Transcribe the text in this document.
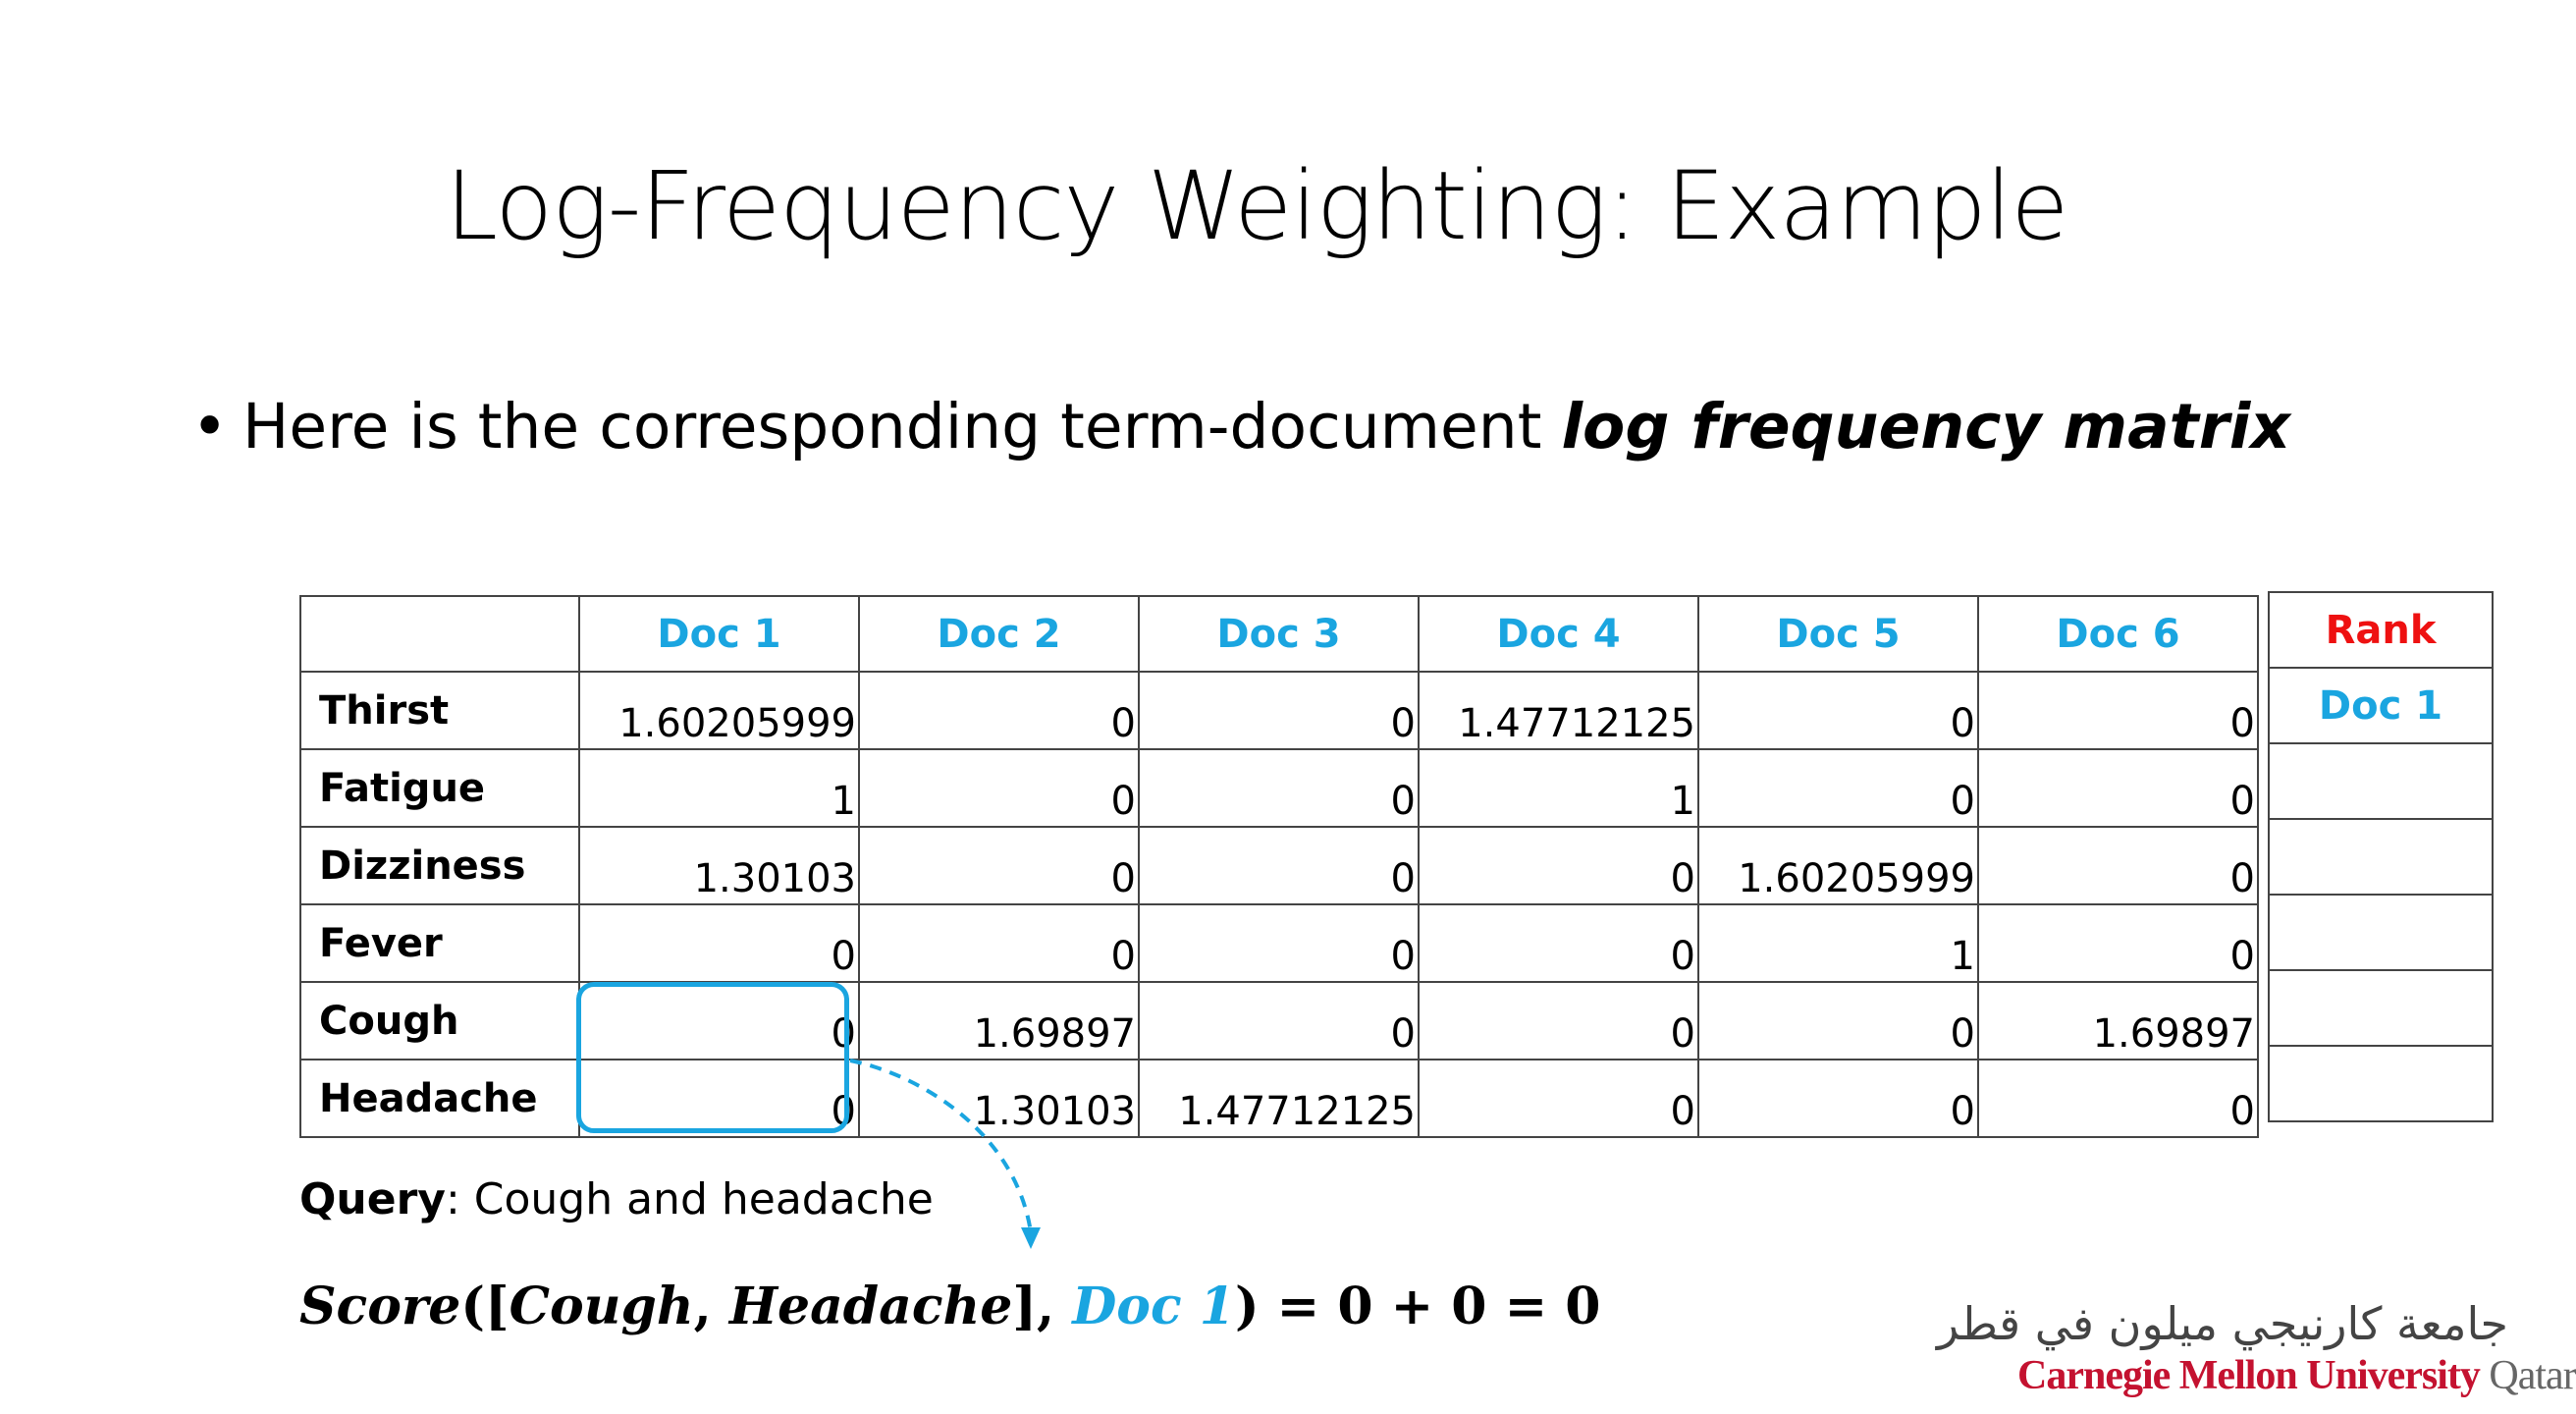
Log-Frequency Weighting: Example
• Here is the corresponding term-document log frequency matrix
	Doc 1	Doc 2	Doc 3	Doc 4	Doc 5	Doc 6
Thirst	1.60205999	0	0	1.47712125	0	0
Fatigue	1	0	0	1	0	0
Dizziness	1.30103	0	0	0	1.60205999	0
Fever	0	0	0	0	1	0
Cough	0	1.69897	0	0	0	1.69897
Headache	0	1.30103	1.47712125	0	0	0
Rank
Doc 1

Query: Cough and headache
Score([Cough, Headache], Doc 1) = 0 + 0 = 0	جامعة كارنيجي ميلون في قطر
Carnegie Mellon University Qatar
